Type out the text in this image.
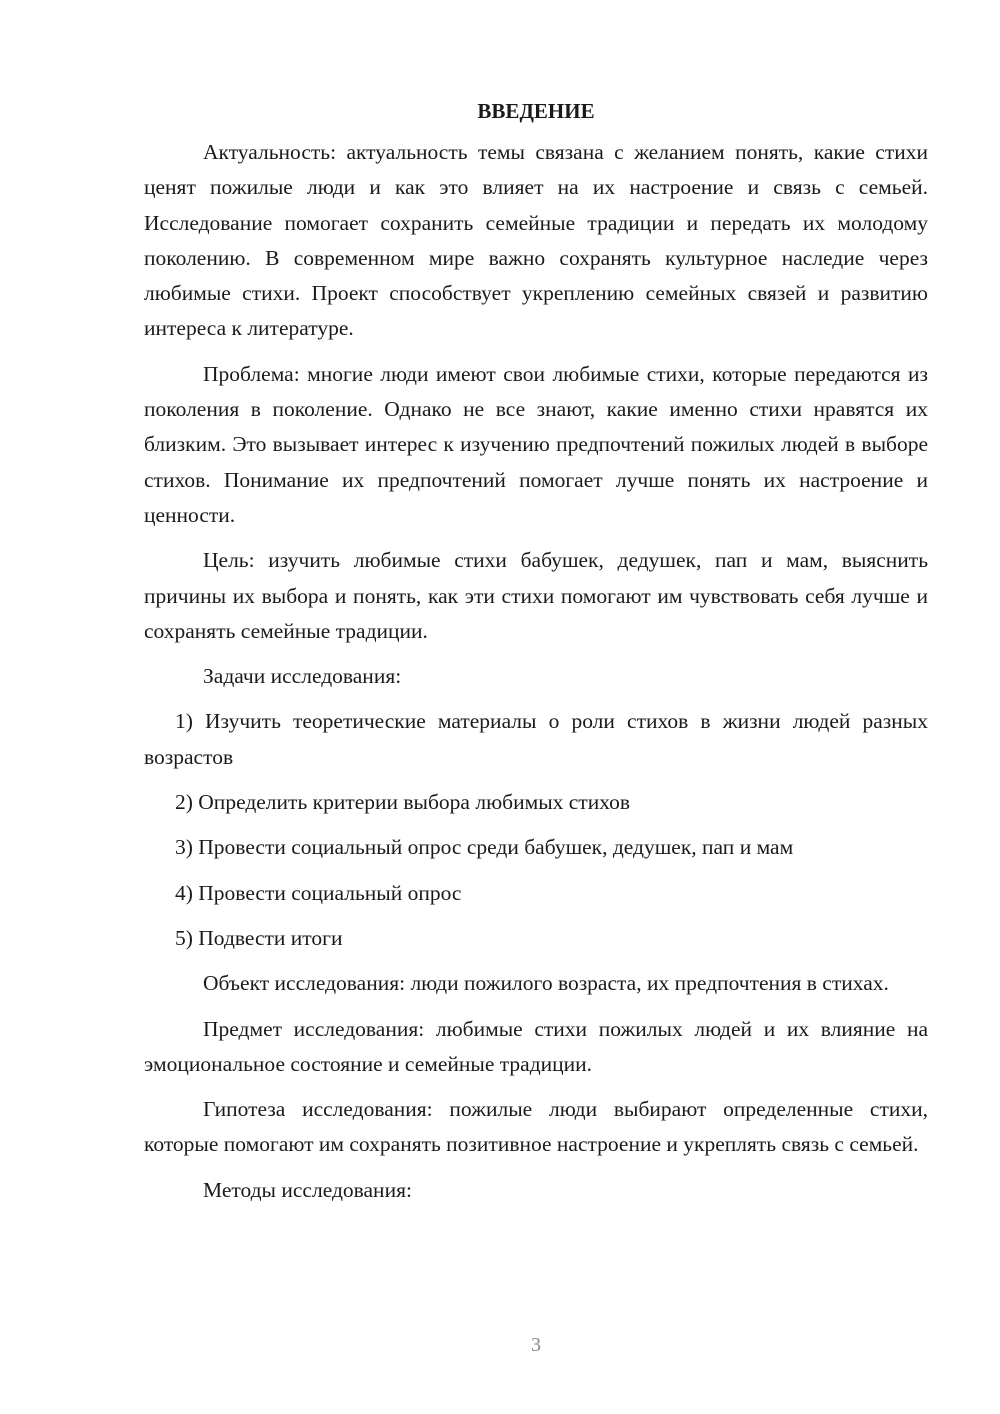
ВВЕДЕНИЕ

Актуальность: актуальность темы связана с желанием понять, какие стихи ценят пожилые люди и как это влияет на их настроение и связь с семьей. Исследование помогает сохранить семейные традиции и передать их молодому поколению. В современном мире важно сохранять культурное наследие через любимые стихи. Проект способствует укреплению семейных связей и развитию интереса к литературе.

Проблема: многие люди имеют свои любимые стихи, которые передаются из поколения в поколение. Однако не все знают, какие именно стихи нравятся их близким. Это вызывает интерес к изучению предпочтений пожилых людей в выборе стихов. Понимание их предпочтений помогает лучше понять их настроение и ценности.

Цель: изучить любимые стихи бабушек, дедушек, пап и мам, выяснить причины их выбора и понять, как эти стихи помогают им чувствовать себя лучше и сохранять семейные традиции.

Задачи исследования:

1) Изучить теоретические материалы о роли стихов в жизни людей разных возрастов

2) Определить критерии выбора любимых стихов

3) Провести социальный опрос среди бабушек, дедушек, пап и мам

4) Провести социальный опрос

5) Подвести итоги

Объект исследования: люди пожилого возраста, их предпочтения в стихах.

Предмет исследования: любимые стихи пожилых людей и их влияние на эмоциональное состояние и семейные традиции.

Гипотеза исследования: пожилые люди выбирают определенные стихи, которые помогают им сохранять позитивное настроение и укреплять связь с семьей.

Методы исследования:

3
